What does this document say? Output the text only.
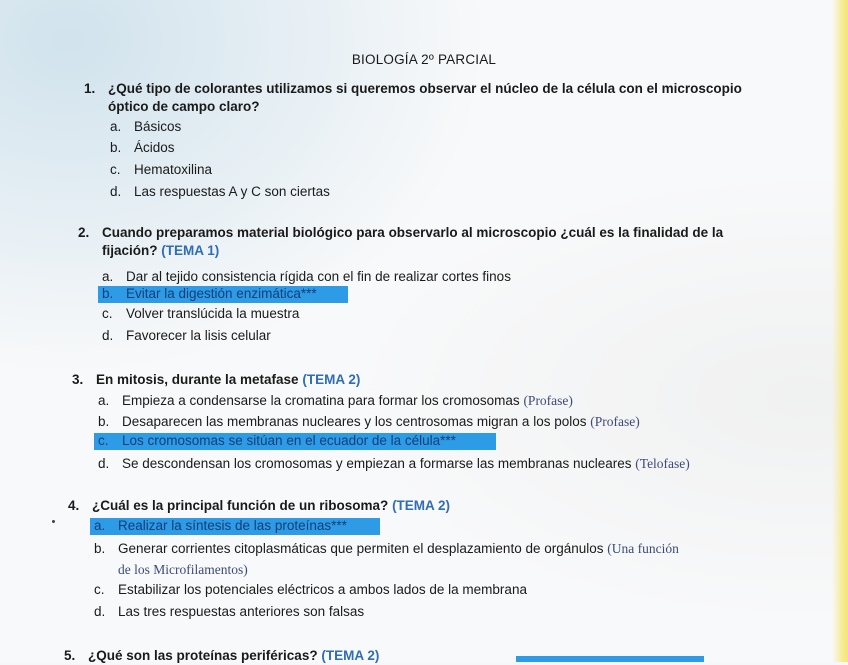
BIOLOGÍA 2º PARCIAL
1. ¿Qué tipo de colorantes utilizamos si queremos observar el núcleo de la célula con el microscopio
óptico de campo claro?
a. Básicos
b. Ácidos
c. Hematoxilina
d. Las respuestas A y C son ciertas
2. Cuando preparamos material biológico para observarlo al microscopio ¿cuál es la finalidad de la
fijación? (TEMA 1)
a. Dar al tejido consistencia rígida con el fin de realizar cortes finos
b. Evitar la digestión enzimática***
c. Volver translúcida la muestra
d. Favorecer la lisis celular
3. En mitosis, durante la metafase (TEMA 2)
a. Empieza a condensarse la cromatina para formar los cromosomas (Profase)
b. Desaparecen las membranas nucleares y los centrosomas migran a los polos (Profase)
c. Los cromosomas se sitúan en el ecuador de la célula***
d. Se descondensan los cromosomas y empiezan a formarse las membranas nucleares (Telofase)
4. ¿Cuál es la principal función de un ribosoma? (TEMA 2)
a. Realizar la síntesis de las proteínas***
b. Generar corrientes citoplasmáticas que permiten el desplazamiento de orgánulos (Una función
de los Microfilamentos)
c. Estabilizar los potenciales eléctricos a ambos lados de la membrana
d. Las tres respuestas anteriores son falsas
5. ¿Qué son las proteínas periféricas? (TEMA 2)
